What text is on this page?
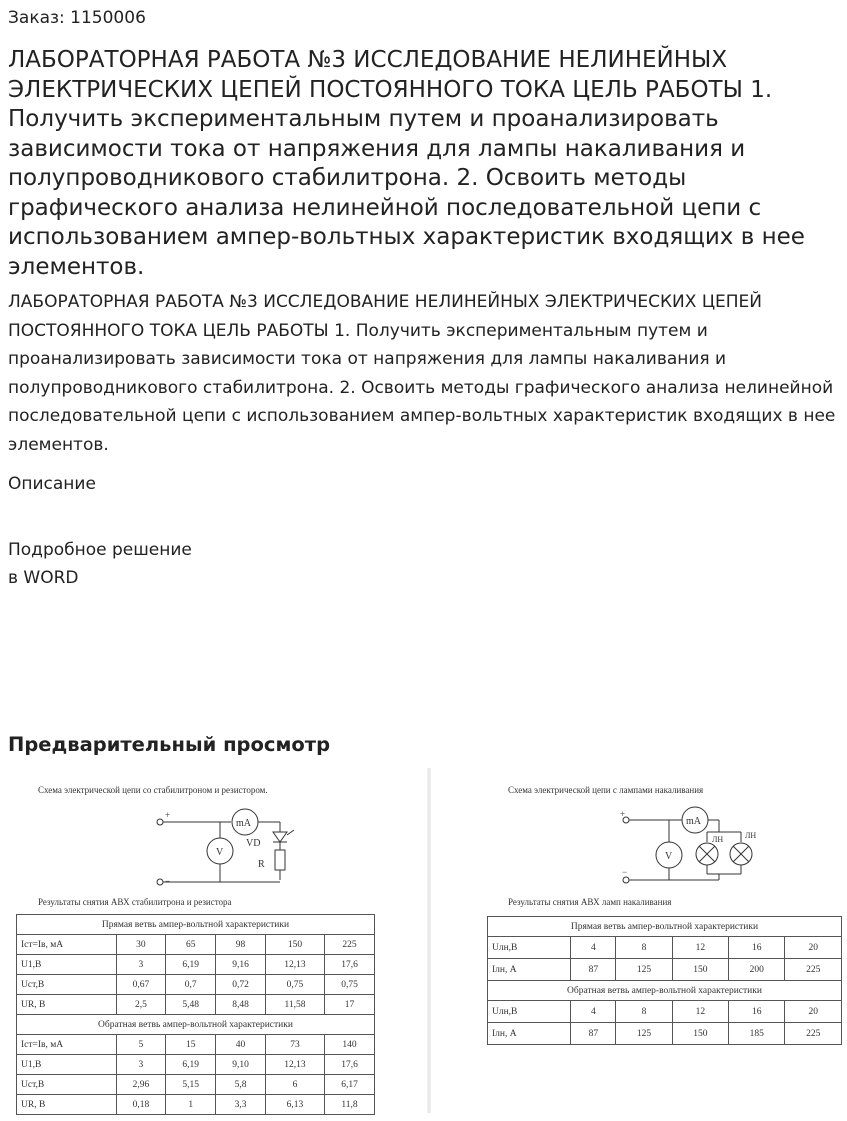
Заказ: 1150006
ЛАБОРАТОРНАЯ РАБОТА №3 ИССЛЕДОВАНИЕ НЕЛИНЕЙНЫХ ЭЛЕКТРИЧЕСКИХ ЦЕПЕЙ ПОСТОЯННОГО ТОКА ЦЕЛЬ РАБОТЫ 1. Получить экспериментальным путем и проанализировать зависимости тока от напряжения для лампы накаливания и полупроводникового стабилитрона. 2. Освоить методы графического анализа нелинейной последовательной цепи с использованием ампер-вольтных характеристик входящих в нее элементов.

ЛАБОРАТОРНАЯ РАБОТА №3 ИССЛЕДОВАНИЕ НЕЛИНЕЙНЫХ ЭЛЕКТРИЧЕСКИХ ЦЕПЕЙ ПОСТОЯННОГО ТОКА ЦЕЛЬ РАБОТЫ 1. Получить экспериментальным путем и проанализировать зависимости тока от напряжения для лампы накаливания и полупроводникового стабилитрона. 2. Освоить методы графического анализа нелинейной последовательной цепи с использованием ампер-вольтных характеристик входящих в нее элементов.

Описание
Подробное решение
в WORD
Предварительный просмотр
Схема электрической цепи со стабилитроном и резистором.
+
mA
VD
R
−
V
Результаты снятия АВХ стабилитрона и резистора
Прямая ветвь ампер-вольтной характеристики					
Iст=Iв, мА	30	65	98	150	225
U1,В	3	6,19	9,16	12,13	17,6
Uст,В	0,67	0,7	0,72	0,75	0,75
UR, В	2,5	5,48	8,48	11,58	17
Обратная ветвь ампер-вольтной характеристики					
Iст=Iв, мА	5	15	40	73	140
U1,В	3	6,19	9,10	12,13	17,6
Uст,В	2,96	5,15	5,8	6	6,17
UR, В	0,18	1	3,3	6,13	11,8
Схема электрической цепи с лампами накаливания
+
mA
ЛН	ЛН
−
V
Результаты снятия АВХ ламп накаливания
Прямая ветвь ампер-вольтной характеристики					
Uлн,В	4	8	12	16	20
Iлн, А	87	125	150	200	225
Обратная ветвь ампер-вольтной характеристики					
Uлн,В	4	8	12	16	20
Iлн, А	87	125	150	185	225
